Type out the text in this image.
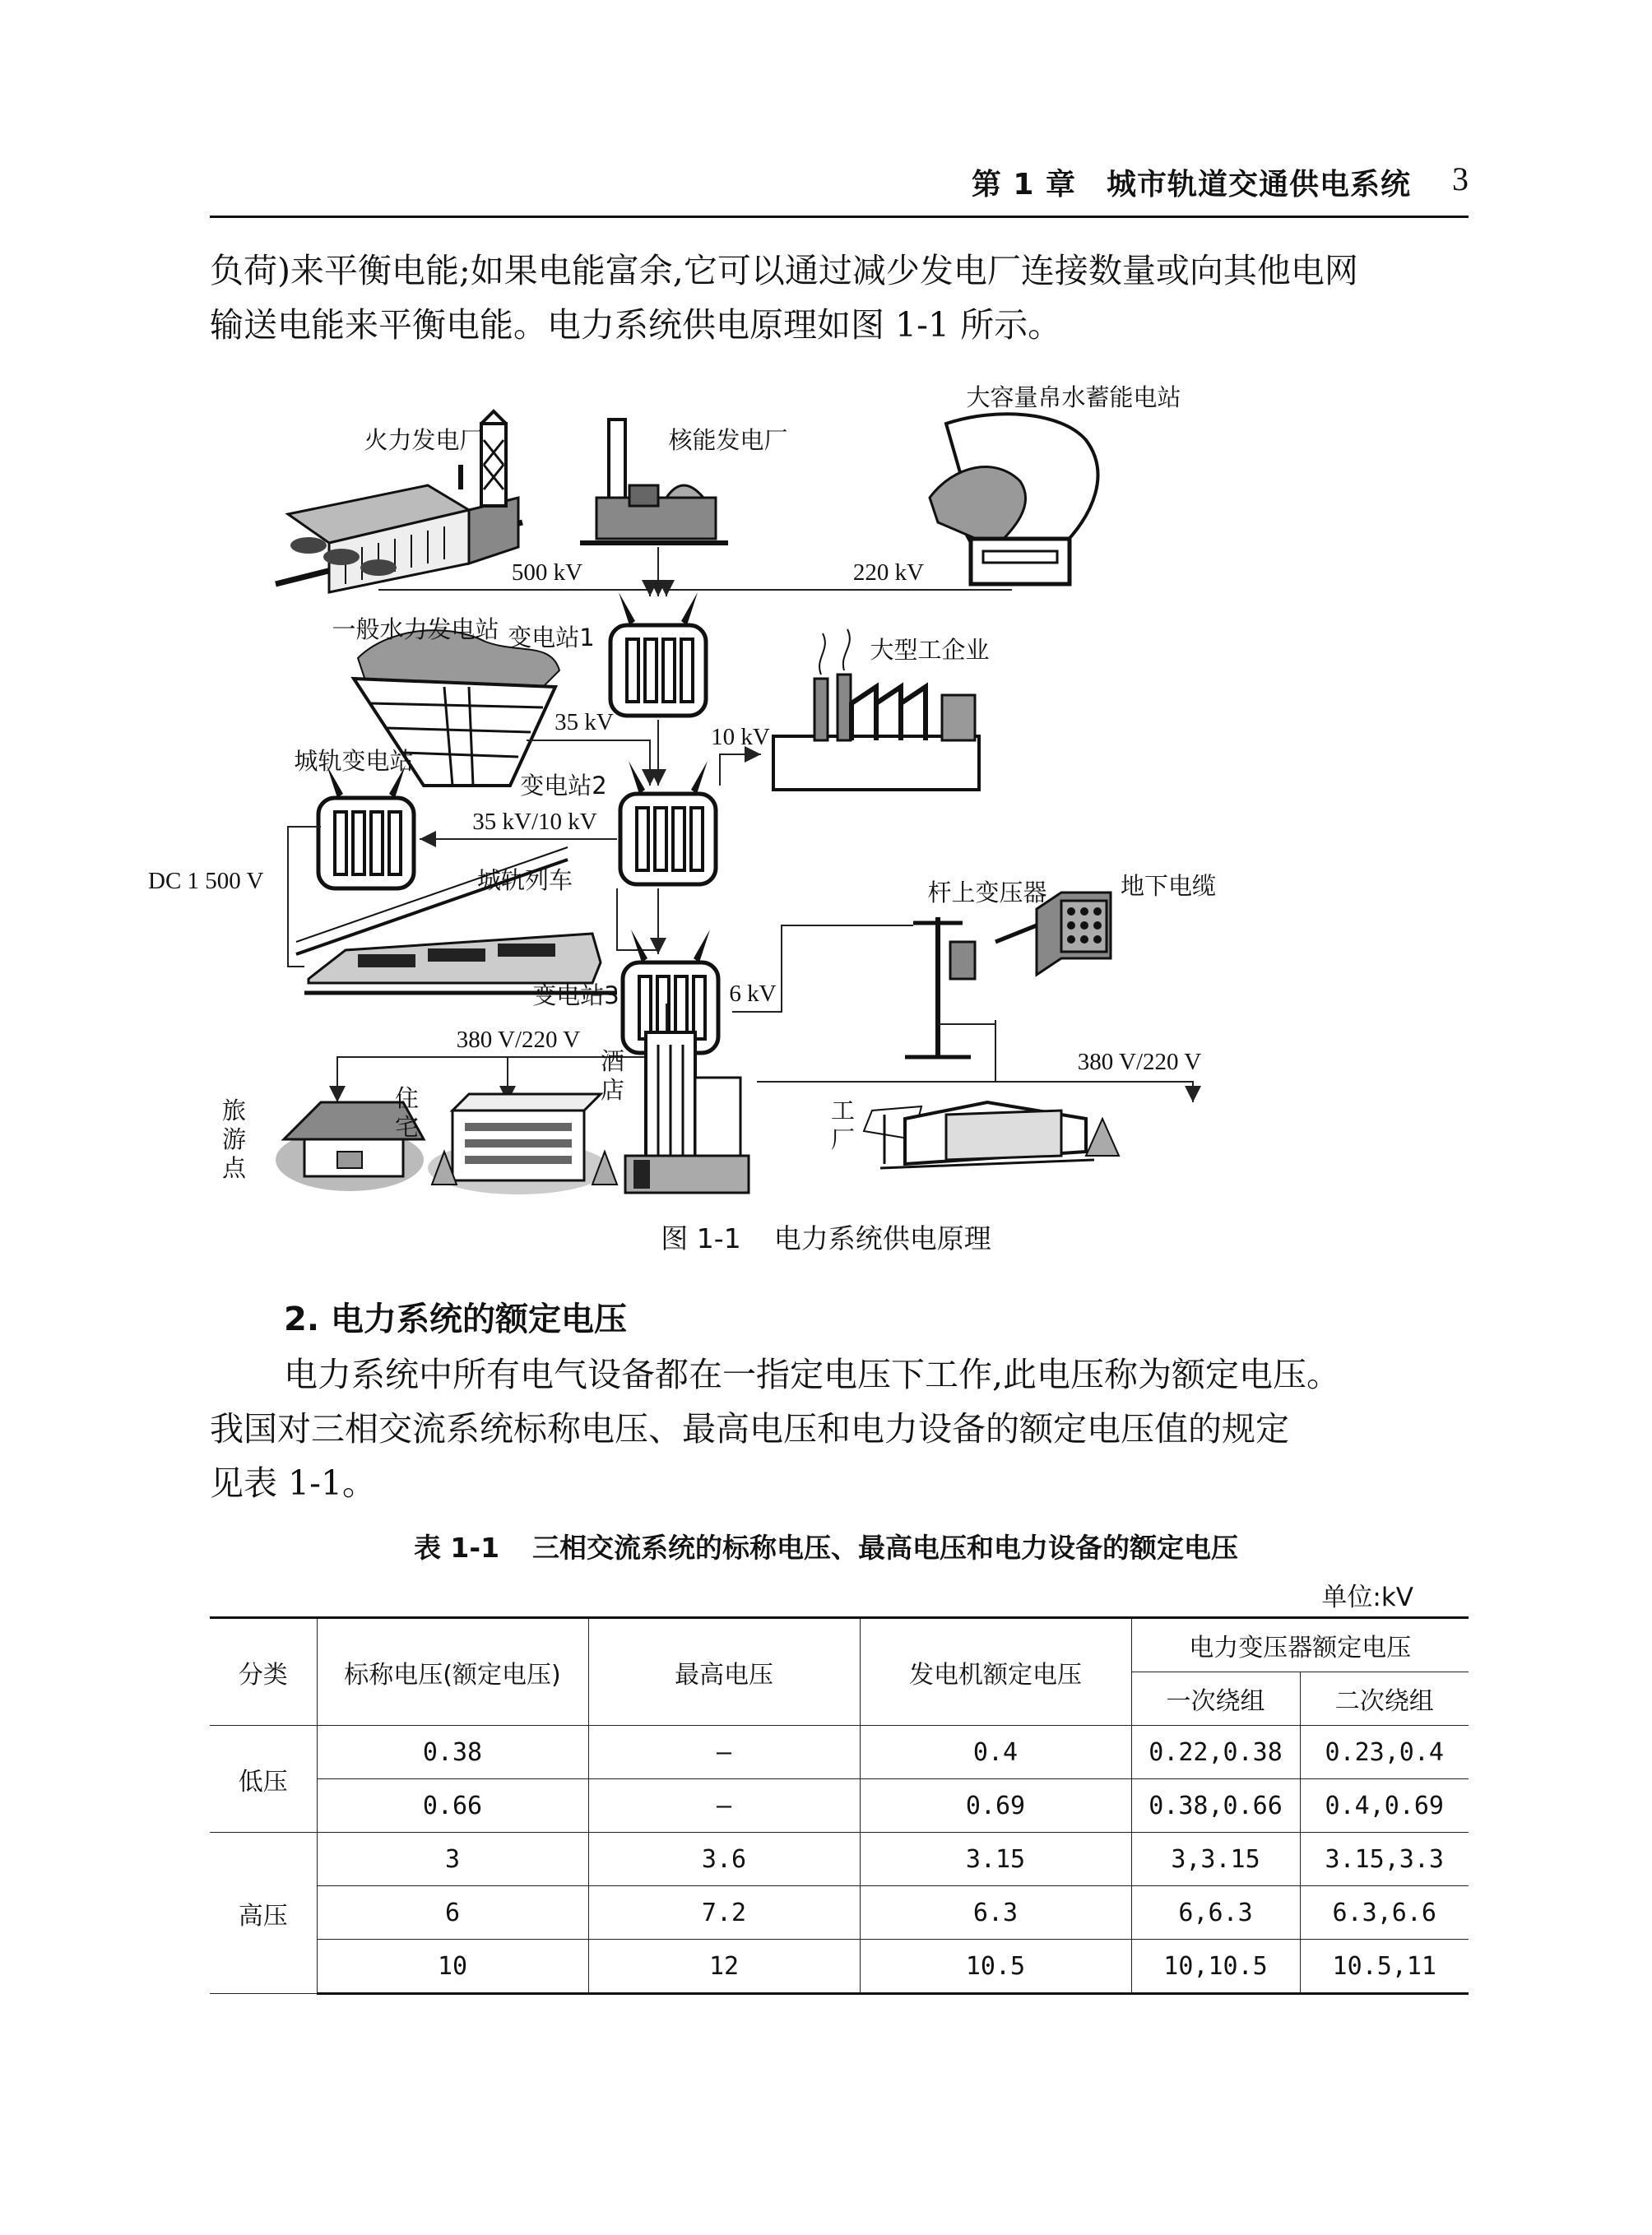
第 1 章　城市轨道交通供电系统 3

负荷)来平衡电能;如果电能富余,它可以通过减少发电厂连接数量或向其他电网

输送电能来平衡电能。电力系统供电原理如图 1-1 所示。

火力发电厂	核能发电厂
大容量帛水蓄能电站
500 kV	220 kV
变电站1
一般水力发电站
35 kV
大型工企业
10 kV
变电站2
城轨变电站
35 kV/10 kV
DC 1 500 V	城轨列车
变电站3	6 kV
杆上变压器	地下电缆
380 V/220 V
380 V/220 V
旅
游
点
住
宅
酒
店
工
厂
图 1-1 电力系统供电原理
2. 电力系统的额定电压

电力系统中所有电气设备都在一指定电压下工作,此电压称为额定电压。

我国对三相交流系统标称电压、最高电压和电力设备的额定电压值的规定

见表 1-1。

表 1-1 三相交流系统的标称电压、最高电压和电力设备的额定电压
单位:kV
分类	标称电压(额定电压)	最高电压	发电机额定电压	电力变压器额定电压	
				一次绕组	二次绕组
低压	0.38	—	0.4	0.22,0.38	0.23,0.4
	0.66	—	0.69	0.38,0.66	0.4,0.69
高压	3	3.6	3.15	3,3.15	3.15,3.3
	6	7.2	6.3	6,6.3	6.3,6.6
	10	12	10.5	10,10.5	10.5,11
